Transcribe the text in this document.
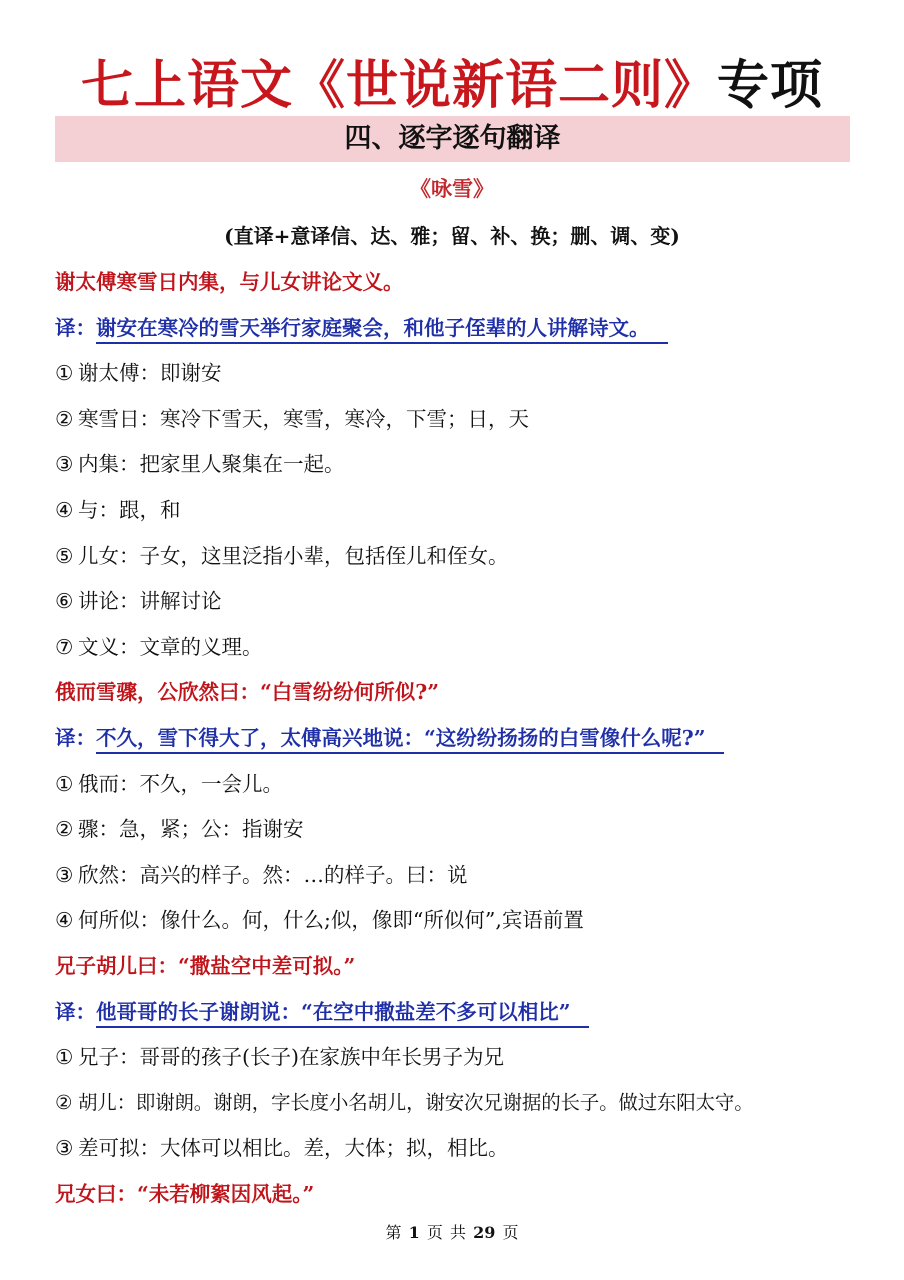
七上语文《世说新语二则》专项
四、逐字逐句翻译
《咏雪》
(直译+意译信、达、雅；留、补、换；删、调、变)
谢太傅寒雪日内集，与儿女讲论文义。
译：谢安在寒冷的雪天举行家庭聚会，和他子侄辈的人讲解诗文。
① 谢太傅：即谢安
② 寒雪日：寒冷下雪天，寒雪，寒冷，下雪；日，天
③ 内集：把家里人聚集在一起。
④ 与：跟，和
⑤ 儿女：子女，这里泛指小辈，包括侄儿和侄女。
⑥ 讲论：讲解讨论
⑦ 文义：文章的义理。
俄而雪骤，公欣然曰：“白雪纷纷何所似?”
译：不久，雪下得大了，太傅高兴地说：“这纷纷扬扬的白雪像什么呢?”
① 俄而：不久，一会儿。
② 骤：急，紧；公：指谢安
③ 欣然：高兴的样子。然：…的样子。曰：说
④ 何所似：像什么。何，什么;似，像即“所似何”,宾语前置
兄子胡儿曰：“撒盐空中差可拟。”
译：他哥哥的长子谢朗说：“在空中撒盐差不多可以相比”
① 兄子：哥哥的孩子(长子)在家族中年长男子为兄
② 胡儿：即谢朗。谢朗，字长度小名胡儿，谢安次兄谢据的长子。做过东阳太守。
③ 差可拟：大体可以相比。差，大体；拟，相比。
兄女曰：“未若柳絮因风起。”
第 1 页 共 29 页
